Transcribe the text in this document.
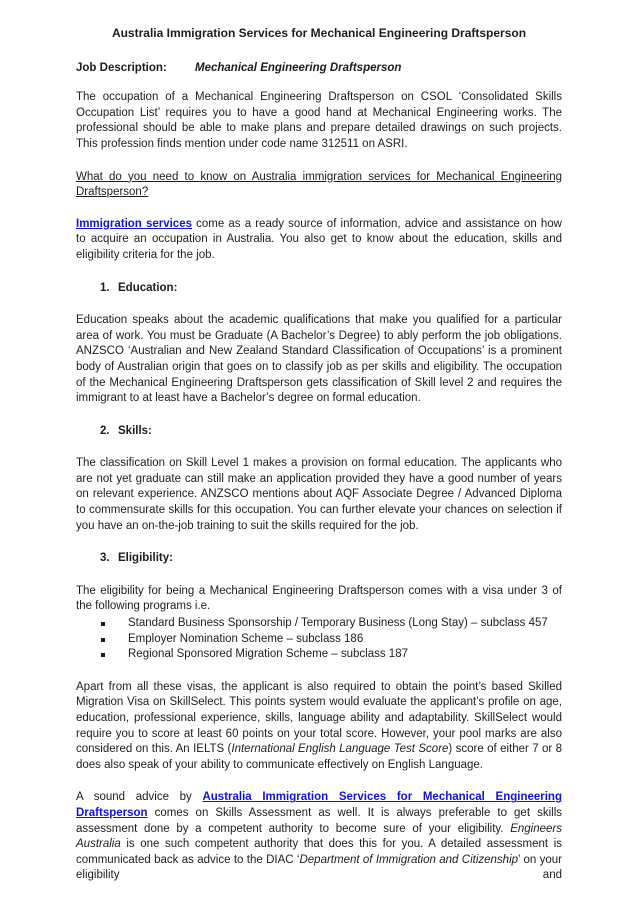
Australia Immigration Services for Mechanical Engineering Draftsperson
Job Description: Mechanical Engineering Draftsperson

The occupation of a Mechanical Engineering Draftsperson on CSOL ‘Consolidated Skills Occupation List’ requires you to have a good hand at Mechanical Engineering works. The professional should be able to make plans and prepare detailed drawings on such projects. This profession finds mention under code name 312511 on ASRI.

What do you need to know on Australia immigration services for Mechanical Engineering Draftsperson?

Immigration services come as a ready source of information, advice and assistance on how to acquire an occupation in Australia. You also get to know about the education, skills and eligibility criteria for the job.

1. Education:

Education speaks about the academic qualifications that make you qualified for a particular area of work. You must be Graduate (A Bachelor’s Degree) to ably perform the job obligations. ANZSCO ‘Australian and New Zealand Standard Classification of Occupations’ is a prominent body of Australian origin that goes on to classify job as per skills and eligibility. The occupation of the Mechanical Engineering Draftsperson gets classification of Skill level 2 and requires the immigrant to at least have a Bachelor’s degree on formal education.

2. Skills:

The classification on Skill Level 1 makes a provision on formal education. The applicants who are not yet graduate can still make an application provided they have a good number of years on relevant experience. ANZSCO mentions about AQF Associate Degree / Advanced Diploma to commensurate skills for this occupation. You can further elevate your chances on selection if you have an on-the-job training to suit the skills required for the job.

3. Eligibility:

The eligibility for being a Mechanical Engineering Draftsperson comes with a visa under 3 of the following programs i.e.

Standard Business Sponsorship / Temporary Business (Long Stay) – subclass 457
Employer Nomination Scheme – subclass 186
Regional Sponsored Migration Scheme – subclass 187

Apart from all these visas, the applicant is also required to obtain the point’s based Skilled Migration Visa on SkillSelect. This points system would evaluate the applicant’s profile on age, education, professional experience, skills, language ability and adaptability. SkillSelect would require you to score at least 60 points on your total score. However, your pool marks are also considered on this. An IELTS (International English Language Test Score) score of either 7 or 8 does also speak of your ability to communicate effectively on English Language.

A sound advice by Australia Immigration Services for Mechanical Engineering Draftsperson comes on Skills Assessment as well. It is always preferable to get skills assessment done by a competent authority to become sure of your eligibility. Engineers Australia is one such competent authority that does this for you. A detailed assessment is communicated back as advice to the DIAC ‘Department of Immigration and Citizenship’ on your eligibility and
